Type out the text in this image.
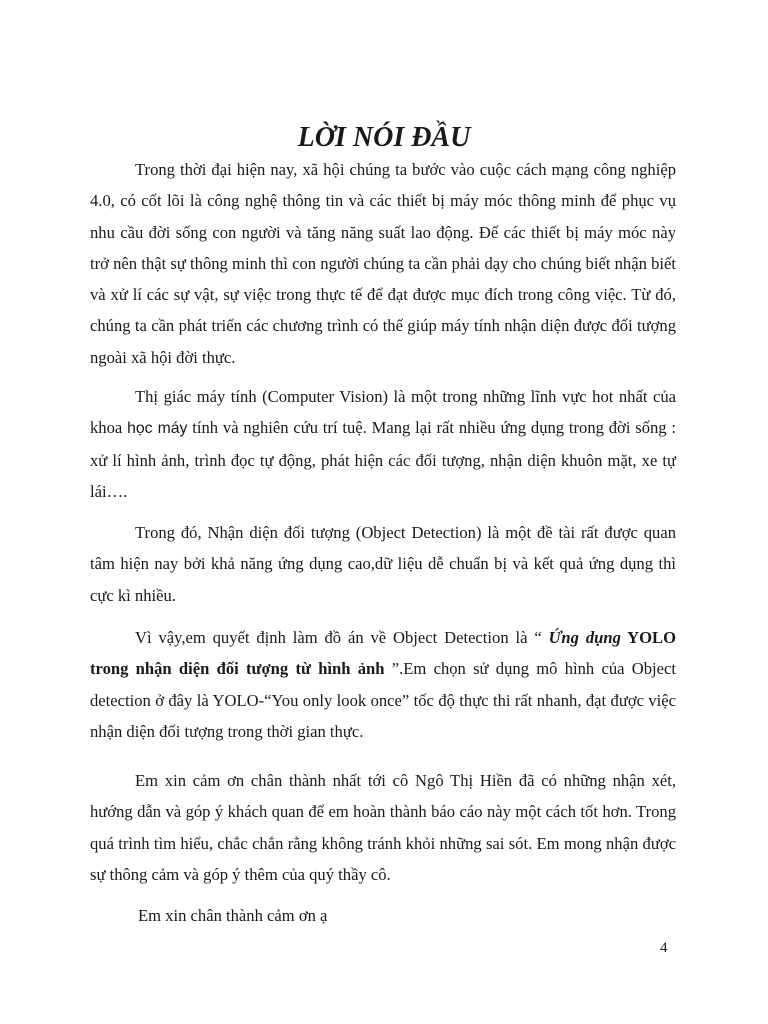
LỜI NÓI ĐẦU

Trong thời đại hiện nay, xã hội chúng ta bước vào cuộc cách mạng công nghiệp 4.0, có cốt lõi là công nghệ thông tin và các thiết bị máy móc thông minh để phục vụ nhu cầu đời sống con người và tăng năng suất lao động. Để các thiết bị máy móc này trở nên thật sự thông minh thì con người chúng ta cần phải dạy cho chúng biết nhận biết và xử lí các sự vật, sự việc trong thực tế để đạt được mục đích trong công việc. Từ đó, chúng ta cần phát triển các chương trình có thể giúp máy tính nhận diện được đối tượng ngoài xã hội đời thực.

Thị giác máy tính (Computer Vision) là một trong những lĩnh vực hot nhất của khoa học máy tính và nghiên cứu trí tuệ. Mang lại rất nhiều ứng dụng trong đời sống : xử lí hình ảnh, trình đọc tự động, phát hiện các đối tượng, nhận diện khuôn mặt, xe tự lái….

Trong đó, Nhận diện đối tượng (Object Detection) là một đề tài rất được quan tâm hiện nay bởi khả năng ứng dụng cao,dữ liệu dễ chuẩn bị và kết quả ứng dụng thì cực kì nhiều.

Vì vậy,em quyết định làm đồ án về Object Detection là “ Ứng dụng YOLO trong nhận diện đối tượng từ hình ảnh ”.Em chọn sử dụng mô hình của Object detection ở đây là YOLO-“You only look once” tốc độ thực thi rất nhanh, đạt được việc nhận diện đối tượng trong thời gian thực.

Em xin cảm ơn chân thành nhất tới cô Ngô Thị Hiền đã có những nhận xét, hướng dẫn và góp ý khách quan để em hoàn thành báo cáo này một cách tốt hơn. Trong quá trình tìm hiểu, chắc chắn rằng không tránh khỏi những sai sót. Em mong nhận được sự thông cảm và góp ý thêm của quý thầy cô.

Em xin chân thành cảm ơn ạ

4
